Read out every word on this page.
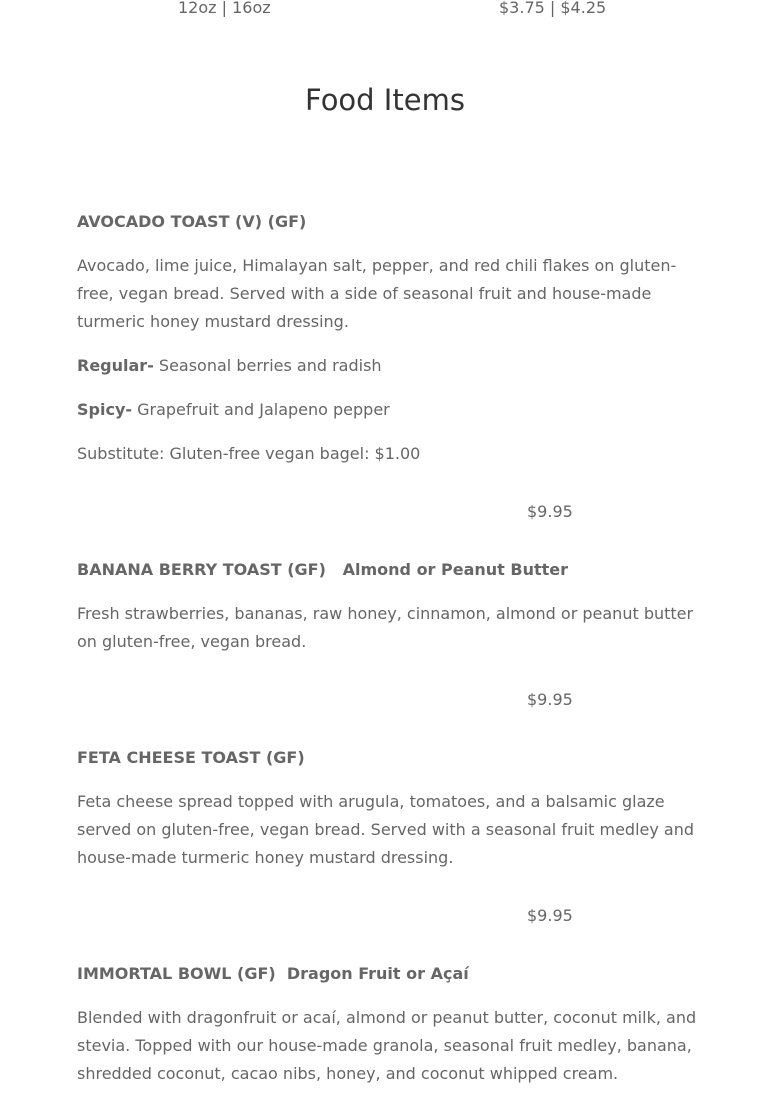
12oz | 16oz	$3.75 | $4.25
Food Items

AVOCADO TOAST (V) (GF)

Avocado, lime juice, Himalayan salt, pepper, and red chili flakes on gluten-free, vegan bread. Served with a side of seasonal fruit and house-made turmeric honey mustard dressing.

Regular- Seasonal berries and radish

Spicy- Grapefruit and Jalapeno pepper

Substitute: Gluten-free vegan bagel: $1.00

$9.95

BANANA BERRY TOAST (GF)   Almond or Peanut Butter

Fresh strawberries, bananas, raw honey, cinnamon, almond or peanut butter on gluten-free, vegan bread.

$9.95

FETA CHEESE TOAST (GF)

Feta cheese spread topped with arugula, tomatoes, and a balsamic glaze served on gluten-free, vegan bread. Served with a seasonal fruit medley and house-made turmeric honey mustard dressing.

$9.95

IMMORTAL BOWL (GF)  Dragon Fruit or Açaí

Blended with dragonfruit or acaí, almond or peanut butter, coconut milk, and stevia. Topped with our house-made granola, seasonal fruit medley, banana, shredded coconut, cacao nibs, honey, and coconut whipped cream.
